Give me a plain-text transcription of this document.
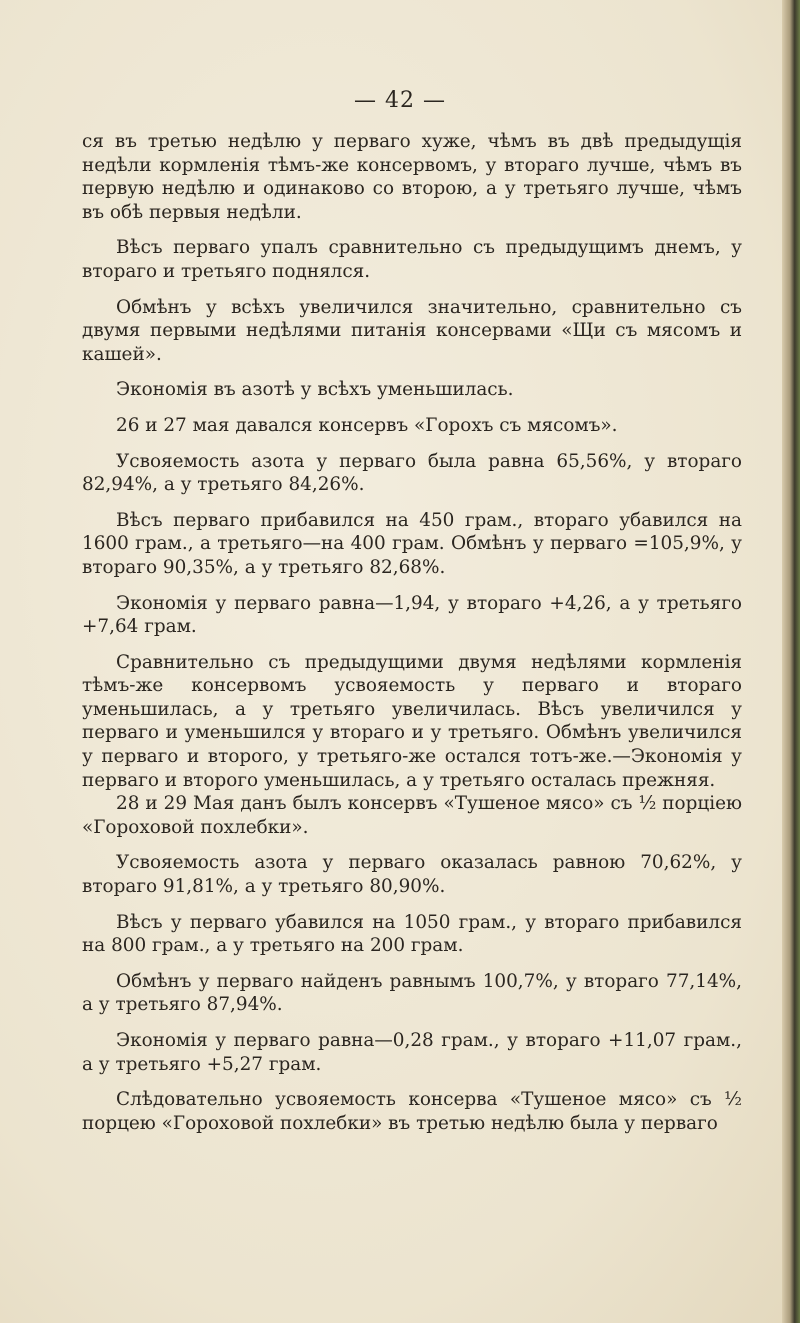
— 42 —

ся въ третью недѣлю у перваго хуже, чѣмъ въ двѣ предыдущія недѣли кормленія тѣмъ-же консервомъ, у втораго лучше, чѣмъ въ первую недѣлю и одинаково со второю, а у третьяго лучше, чѣмъ въ обѣ первыя недѣли.

Вѣсъ перваго упалъ сравнительно съ предыдущимъ днемъ, у втораго и третьяго поднялся.

Обмѣнъ у всѣхъ увеличился значительно, сравнительно съ двумя первыми недѣлями питанія консервами «Щи съ мясомъ и кашей».

Экономія въ азотѣ у всѣхъ уменьшилась.

26 и 27 мая давался консервъ «Горохъ съ мясомъ».

Усвояемость азота у перваго была равна 65,56%, у втораго 82,94%, а у третьяго 84,26%.

Вѣсъ перваго прибавился на 450 грам., втораго убавился на 1600 грам., а третьяго—на 400 грам. Обмѣнъ у перваго =105,9%, у втораго 90,35%, а у третьяго 82,68%.

Экономія у перваго равна—1,94, у втораго +4,26, а у третьяго +7,64 грам.

Сравнительно съ предыдущими двумя недѣлями кормленія тѣмъ-же консервомъ усвояемость у перваго и втораго уменьшилась, а у третьяго увеличилась. Вѣсъ увеличился у перваго и уменьшился у втораго и у третьяго. Обмѣнъ увеличился у перваго и второго, у третьяго-же остался тотъ-же.—Экономія у перваго и второго уменьшилась, а у третьяго осталась прежняя.

28 и 29 Мая данъ былъ консервъ «Тушеное мясо» съ ½ порціею «Гороховой похлебки».

Усвояемость азота у перваго оказалась равною 70,62%, у втораго 91,81%, а у третьяго 80,90%.

Вѣсъ у перваго убавился на 1050 грам., у втораго прибавился на 800 грам., а у третьяго на 200 грам.

Обмѣнъ у перваго найденъ равнымъ 100,7%, у втораго 77,14%, а у третьяго 87,94%.

Экономія у перваго равна—0,28 грам., у втораго +11,07 грам., а у третьяго +5,27 грам.

Слѣдовательно усвояемость консерва «Тушеное мясо» съ ½ порцею «Гороховой похлебки» въ третью недѣлю была у перваго
